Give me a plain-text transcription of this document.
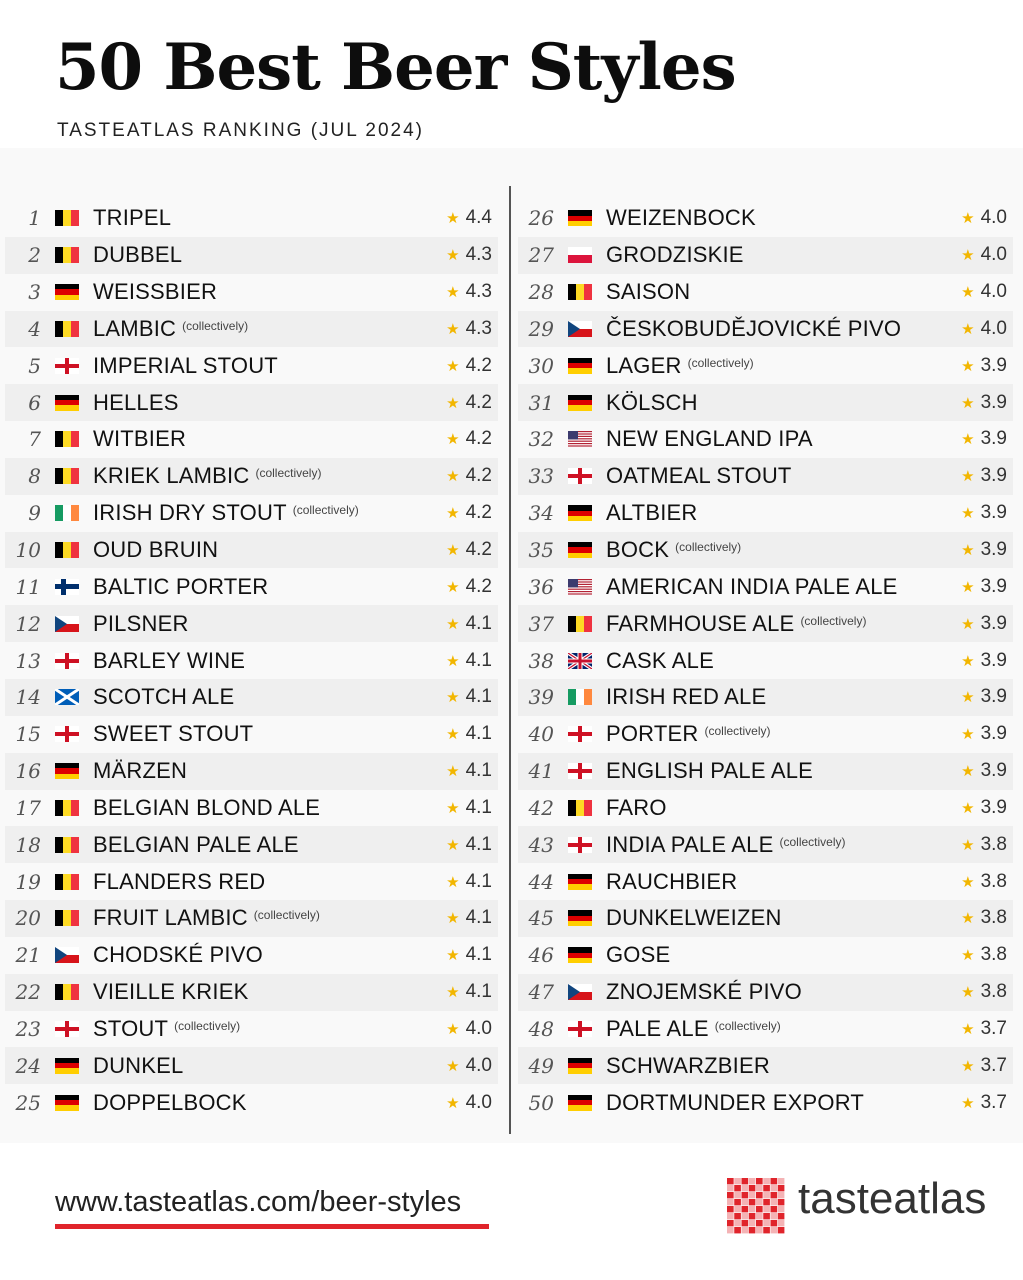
50 Best Beer Styles
TASTEATLAS RANKING (JUL 2024)
1	TRIPEL	★ 4.4
2	DUBBEL	★ 4.3
3	WEISSBIER	★ 4.3
4	LAMBIC (collectively)	★ 4.3
5	IMPERIAL STOUT	★ 4.2
6	HELLES	★ 4.2
7	WITBIER	★ 4.2
8	KRIEK LAMBIC (collectively)	★ 4.2
9	IRISH DRY STOUT (collectively)	★ 4.2
10	OUD BRUIN	★ 4.2
11	BALTIC PORTER	★ 4.2
12	PILSNER	★ 4.1
13	BARLEY WINE	★ 4.1
14	SCOTCH ALE	★ 4.1
15	SWEET STOUT	★ 4.1
16	MÄRZEN	★ 4.1
17	BELGIAN BLOND ALE	★ 4.1
18	BELGIAN PALE ALE	★ 4.1
19	FLANDERS RED	★ 4.1
20	FRUIT LAMBIC (collectively)	★ 4.1
21	CHODSKÉ PIVO	★ 4.1
22	VIEILLE KRIEK	★ 4.1
23	STOUT (collectively)	★ 4.0
24	DUNKEL	★ 4.0
25	DOPPELBOCK	★ 4.0
26	WEIZENBOCK	★ 4.0
27	GRODZISKIE	★ 4.0
28	SAISON	★ 4.0
29	ČESKOBUDĚJOVICKÉ PIVO	★ 4.0
30	LAGER (collectively)	★ 3.9
31	KÖLSCH	★ 3.9
32	NEW ENGLAND IPA	★ 3.9
33	OATMEAL STOUT	★ 3.9
34	ALTBIER	★ 3.9
35	BOCK (collectively)	★ 3.9
36	AMERICAN INDIA PALE ALE	★ 3.9
37	FARMHOUSE ALE (collectively)	★ 3.9
38	CASK ALE	★ 3.9
39	IRISH RED ALE	★ 3.9
40	PORTER (collectively)	★ 3.9
41	ENGLISH PALE ALE	★ 3.9
42	FARO	★ 3.9
43	INDIA PALE ALE (collectively)	★ 3.8
44	RAUCHBIER	★ 3.8
45	DUNKELWEIZEN	★ 3.8
46	GOSE	★ 3.8
47	ZNOJEMSKÉ PIVO	★ 3.8
48	PALE ALE (collectively)	★ 3.7
49	SCHWARZBIER	★ 3.7
50	DORTMUNDER EXPORT	★ 3.7
www.tasteatlas.com/beer-styles	tasteatlas
